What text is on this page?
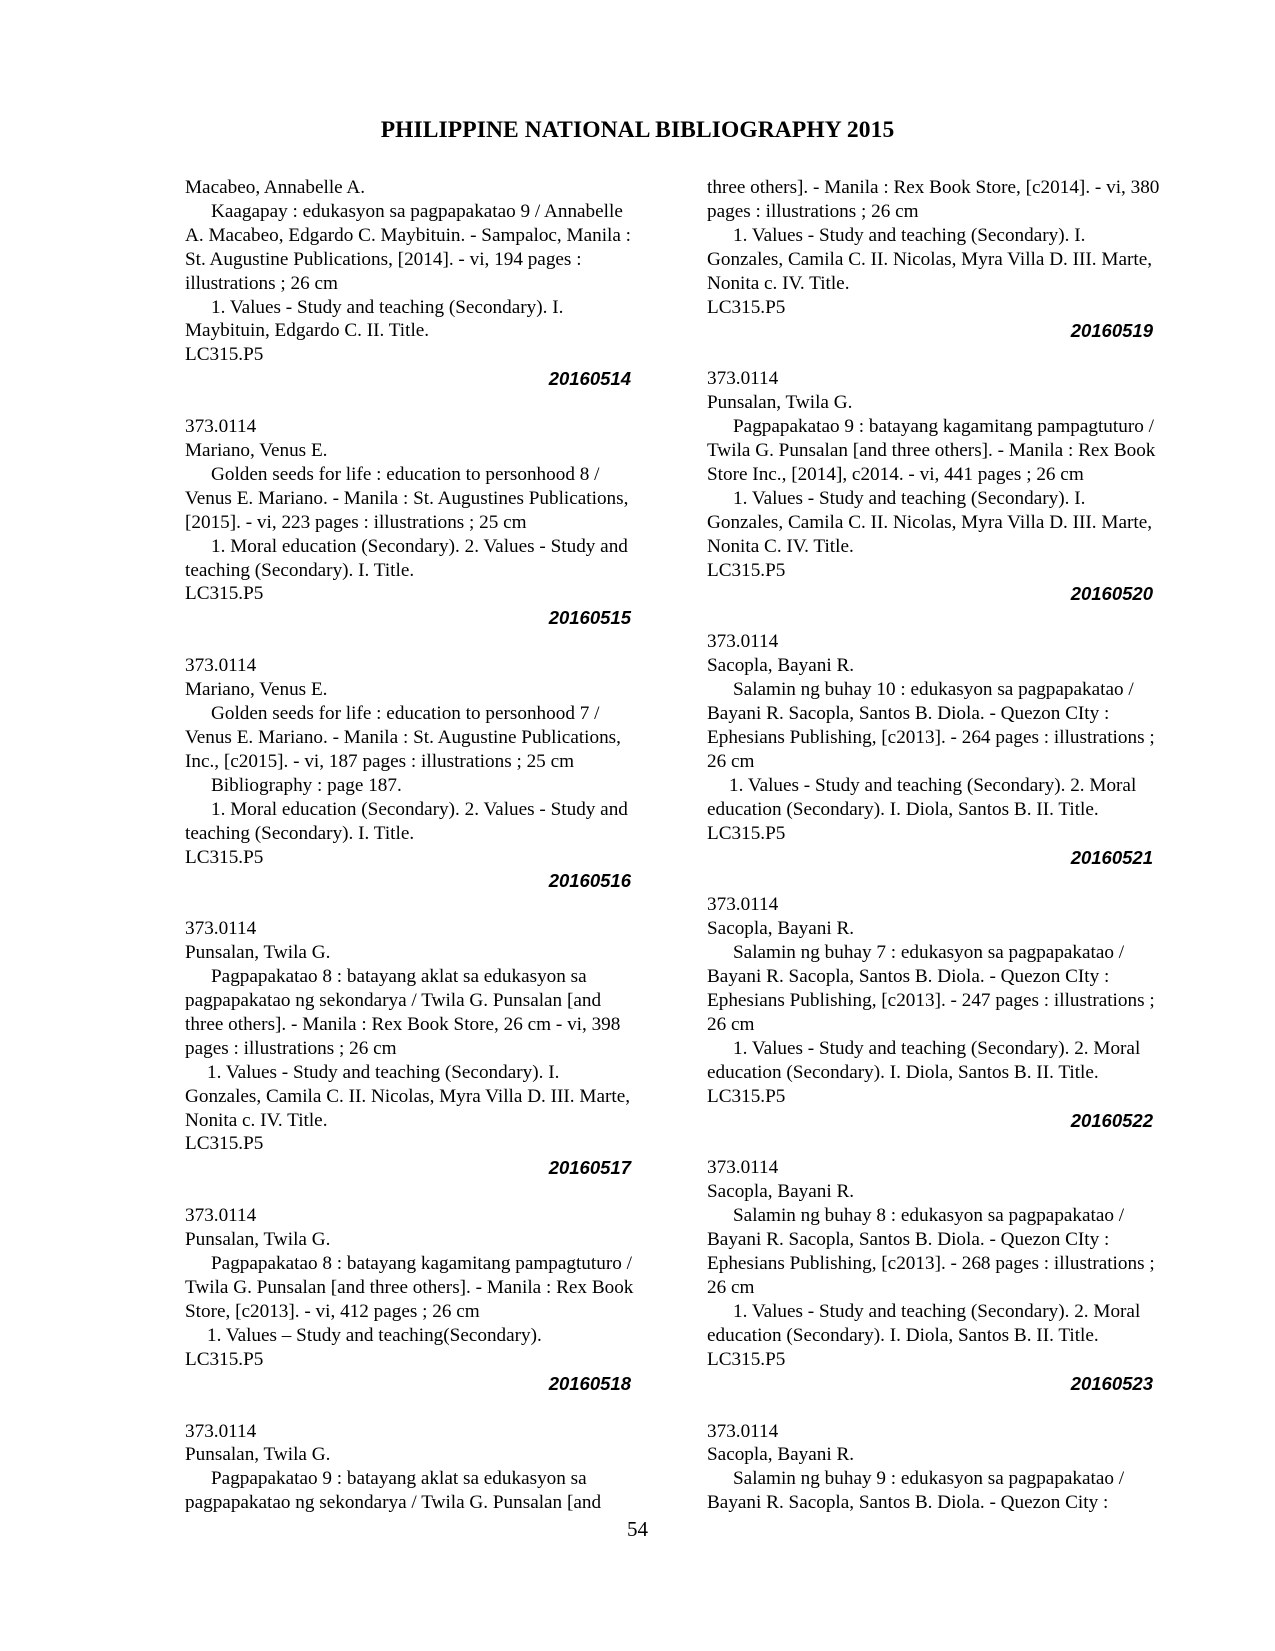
PHILIPPINE NATIONAL BIBLIOGRAPHY 2015
Macabeo, Annabelle A.
Kaagapay : edukasyon sa pagpapakatao 9 / Annabelle
A. Macabeo, Edgardo C. Maybituin. - Sampaloc, Manila :
St. Augustine Publications, [2014]. - vi, 194 pages :
illustrations ; 26 cm
1. Values - Study and teaching (Secondary). I.
Maybituin, Edgardo C. II. Title.
LC315.P5
20160514
373.0114
Mariano, Venus E.
Golden seeds for life : education to personhood 8 /
Venus E. Mariano. - Manila : St. Augustines Publications,
[2015]. - vi, 223 pages : illustrations ; 25 cm
1. Moral education (Secondary). 2. Values - Study and
teaching (Secondary). I. Title.
LC315.P5
20160515
373.0114
Mariano, Venus E.
Golden seeds for life : education to personhood 7 /
Venus E. Mariano. - Manila : St. Augustine Publications,
Inc., [c2015]. - vi, 187 pages : illustrations ; 25 cm
Bibliography : page 187.
1. Moral education (Secondary). 2. Values - Study and
teaching (Secondary). I. Title.
LC315.P5
20160516
373.0114
Punsalan, Twila G.
Pagpapakatao 8 : batayang aklat sa edukasyon sa
pagpapakatao ng sekondarya / Twila G. Punsalan [and
three others]. - Manila : Rex Book Store, 26 cm - vi, 398
pages : illustrations ; 26 cm
1. Values - Study and teaching (Secondary). I.
Gonzales, Camila C. II. Nicolas, Myra Villa D. III. Marte,
Nonita c. IV. Title.
LC315.P5
20160517
373.0114
Punsalan, Twila G.
Pagpapakatao 8 : batayang kagamitang pampagtuturo /
Twila G. Punsalan [and three others]. - Manila : Rex Book
Store, [c2013]. - vi, 412 pages ; 26 cm
1. Values – Study and teaching(Secondary).
LC315.P5
20160518
373.0114
Punsalan, Twila G.
Pagpapakatao 9 : batayang aklat sa edukasyon sa
pagpapakatao ng sekondarya / Twila G. Punsalan [and
three others]. - Manila : Rex Book Store, [c2014]. - vi, 380
pages : illustrations ; 26 cm
1. Values - Study and teaching (Secondary). I.
Gonzales, Camila C. II. Nicolas, Myra Villa D. III. Marte,
Nonita c. IV. Title.
LC315.P5
20160519
373.0114
Punsalan, Twila G.
Pagpapakatao 9 : batayang kagamitang pampagtuturo /
Twila G. Punsalan [and three others]. - Manila : Rex Book
Store Inc., [2014], c2014. - vi, 441 pages ; 26 cm
1. Values - Study and teaching (Secondary). I.
Gonzales, Camila C. II. Nicolas, Myra Villa D. III. Marte,
Nonita C. IV. Title.
LC315.P5
20160520
373.0114
Sacopla, Bayani R.
Salamin ng buhay 10 : edukasyon sa pagpapakatao /
Bayani R. Sacopla, Santos B. Diola. - Quezon CIty :
Ephesians Publishing, [c2013]. - 264 pages : illustrations ;
26 cm
1. Values - Study and teaching (Secondary). 2. Moral
education (Secondary). I. Diola, Santos B. II. Title.
LC315.P5
20160521
373.0114
Sacopla, Bayani R.
Salamin ng buhay 7 : edukasyon sa pagpapakatao /
Bayani R. Sacopla, Santos B. Diola. - Quezon CIty :
Ephesians Publishing, [c2013]. - 247 pages : illustrations ;
26 cm
1. Values - Study and teaching (Secondary). 2. Moral
education (Secondary). I. Diola, Santos B. II. Title.
LC315.P5
20160522
373.0114
Sacopla, Bayani R.
Salamin ng buhay 8 : edukasyon sa pagpapakatao /
Bayani R. Sacopla, Santos B. Diola. - Quezon CIty :
Ephesians Publishing, [c2013]. - 268 pages : illustrations ;
26 cm
1. Values - Study and teaching (Secondary). 2. Moral
education (Secondary). I. Diola, Santos B. II. Title.
LC315.P5
20160523
373.0114
Sacopla, Bayani R.
Salamin ng buhay 9 : edukasyon sa pagpapakatao /
Bayani R. Sacopla, Santos B. Diola. - Quezon City :
54
